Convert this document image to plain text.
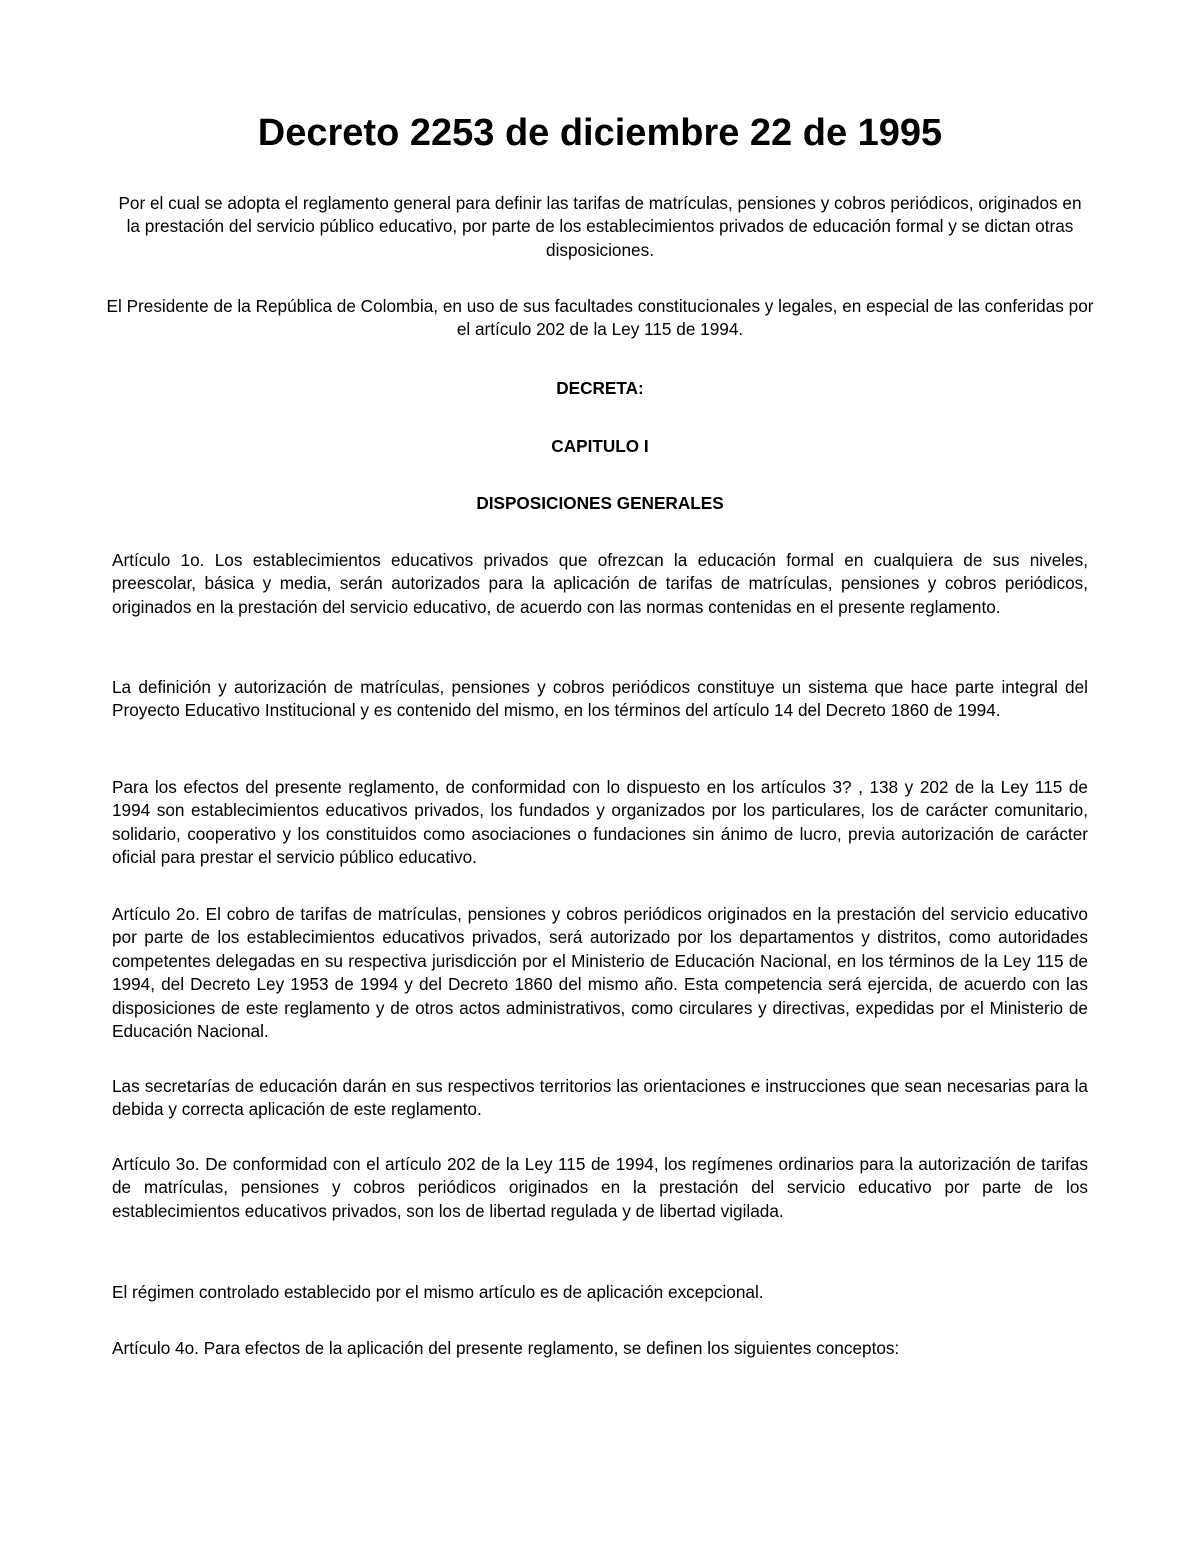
Decreto 2253 de diciembre 22 de 1995

Por el cual se adopta el reglamento general para definir las tarifas de matrículas, pensiones y cobros periódicos, originados en la prestación del servicio público educativo, por parte de los establecimientos privados de educación formal y se dictan otras disposiciones.

El Presidente de la República de Colombia, en uso de sus facultades constitucionales y legales, en especial de las conferidas por el artículo 202 de la Ley 115 de 1994.

DECRETA:

CAPITULO I

DISPOSICIONES GENERALES

Artículo 1o. Los establecimientos educativos privados que ofrezcan la educación formal en cualquiera de sus niveles, preescolar, básica y media, serán autorizados para la aplicación de tarifas de matrículas, pensiones y cobros periódicos, originados en la prestación del servicio educativo, de acuerdo con las normas contenidas en el presente reglamento.

La definición y autorización de matrículas, pensiones y cobros periódicos constituye un sistema que hace parte integral del Proyecto Educativo Institucional y es contenido del mismo, en los términos del artículo 14 del Decreto 1860 de 1994.

Para los efectos del presente reglamento, de conformidad con lo dispuesto en los artículos 3? , 138 y 202 de la Ley 115 de 1994 son establecimientos educativos privados, los fundados y organizados por los particulares, los de carácter comunitario, solidario, cooperativo y los constituidos como asociaciones o fundaciones sin ánimo de lucro, previa autorización de carácter oficial para prestar el servicio público educativo.

Artículo 2o. El cobro de tarifas de matrículas, pensiones y cobros periódicos originados en la prestación del servicio educativo por parte de los establecimientos educativos privados, será autorizado por los departamentos y distritos, como autoridades competentes delegadas en su respectiva jurisdicción por el Ministerio de Educación Nacional, en los términos de la Ley 115 de 1994, del Decreto Ley 1953 de 1994 y del Decreto 1860 del mismo año. Esta competencia será ejercida, de acuerdo con las disposiciones de este reglamento y de otros actos administrativos, como circulares y directivas, expedidas por el Ministerio de Educación Nacional.

Las secretarías de educación darán en sus respectivos territorios las orientaciones e instrucciones que sean necesarias para la debida y correcta aplicación de este reglamento.

Artículo 3o. De conformidad con el artículo 202 de la Ley 115 de 1994, los regímenes ordinarios para la autorización de tarifas de matrículas, pensiones y cobros periódicos originados en la prestación del servicio educativo por parte de los establecimientos educativos privados, son los de libertad regulada y de libertad vigilada.

El régimen controlado establecido por el mismo artículo es de aplicación excepcional.

Artículo 4o. Para efectos de la aplicación del presente reglamento, se definen los siguientes conceptos:
